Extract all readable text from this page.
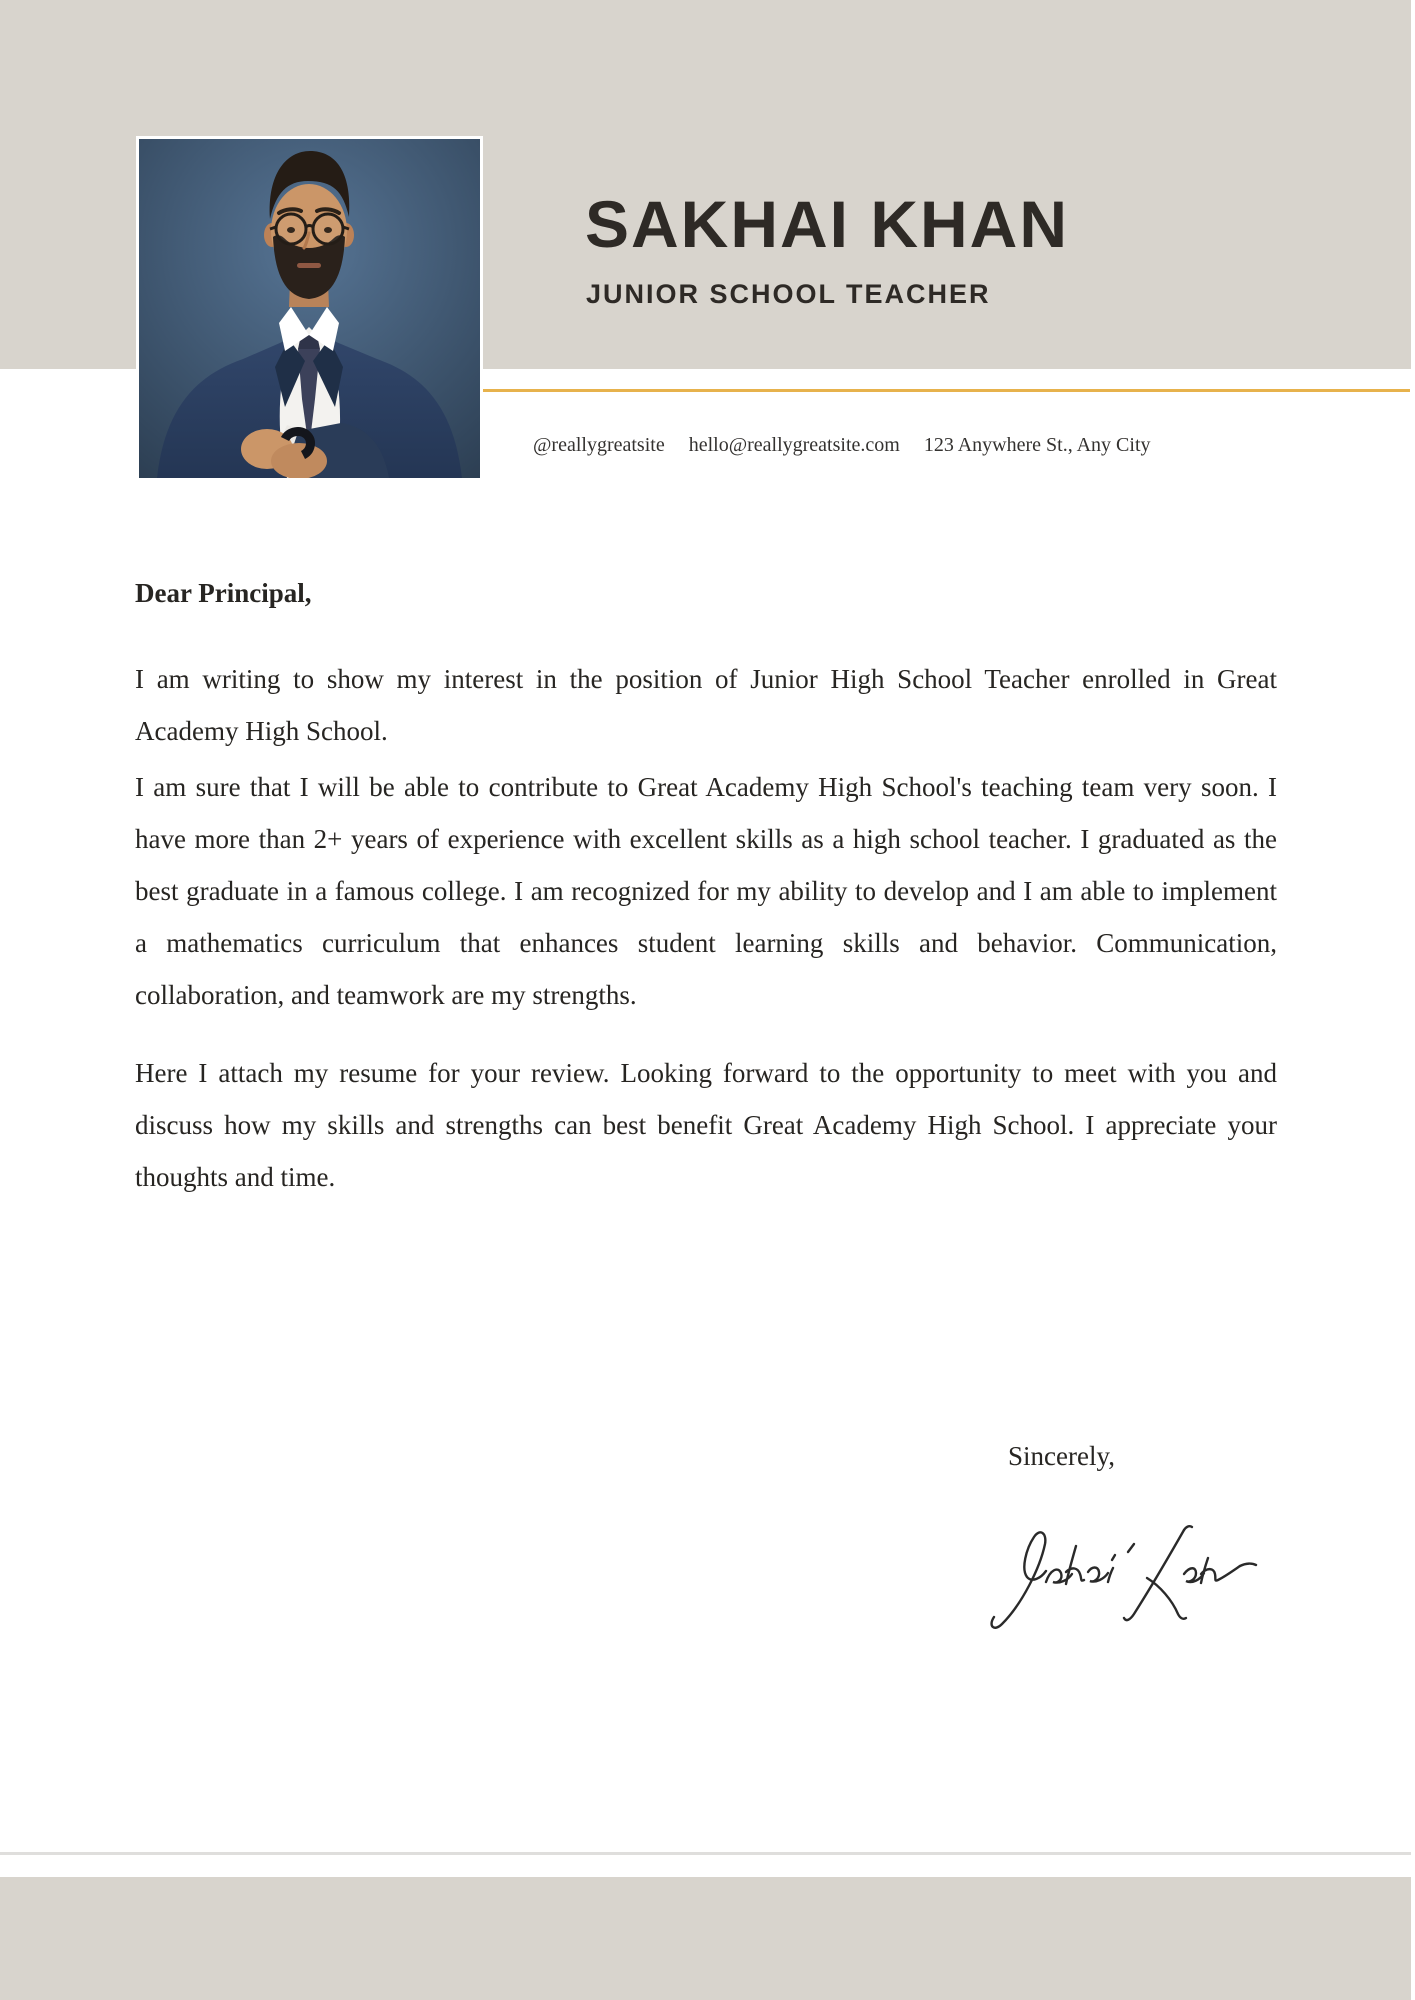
SAKHAI KHAN
JUNIOR SCHOOL TEACHER
@reallygreatsite hello@reallygreatsite.com 123 Anywhere St., Any City

Dear Principal,

I am writing to show my interest in the position of Junior High School Teacher enrolled in Great Academy High School.

I am sure that I will be able to contribute to Great Academy High School's teaching team very soon. I have more than 2+ years of experience with excellent skills as a high school teacher. I graduated as the best graduate in a famous college. I am recognized for my ability to develop and I am able to implement a mathematics curriculum that enhances student learning skills and behavior. Communication, collaboration, and teamwork are my strengths.

Here I attach my resume for your review. Looking forward to the opportunity to meet with you and discuss how my skills and strengths can best benefit Great Academy High School. I appreciate your thoughts and time.

Sincerely,
